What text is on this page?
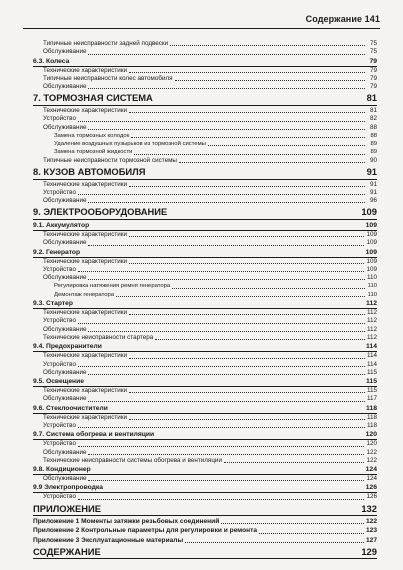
Содержание 141
Типичные неисправности задней подвески	75
Обслуживание	75
6.3. Колеса	79
Технические характеристики	79
Типичные неисправности колес автомобиля	79
Обслуживание	79
7. ТОРМОЗНАЯ СИСТЕМА	81
Технические характеристики	81
Устройство	82
Обслуживание	88
Замена тормозных колодок	88
Удаление воздушных пузырьков из тормозной системы	89
Замена тормозной жидкости	89
Типичные неисправности тормозной системы	90
8. КУЗОВ АВТОМОБИЛЯ	91
Технические характеристики	91
Устройство	91
Обслуживание	96
9. ЭЛЕКТРООБОРУДОВАНИЕ	109
9.1. Аккумулятор	109
Технические характеристики	109
Обслуживание	109
9.2. Генератор	109
Технические характеристики	109
Устройство	109
Обслуживание	110
Регулировка натяжения ремня генератора	110
Демонтаж генератора	110
9.3. Стартер	112
Технические характеристики	112
Устройство	112
Обслуживание	112
Технические неисправности стартера	112
9.4. Предохранители	114
Технические характеристики	114
Устройство	114
Обслуживание	115
9.5. Освещение	115
Технические характеристики	115
Обслуживание	117
9.6. Стеклоочистители	118
Технические характеристики	118
Устройство	118
9.7. Система обогрева и вентиляции	120
Устройство	120
Обслуживание	122
Технические неисправности системы обогрева и вентиляции	122
9.8. Кондиционер	124
Обслуживание	124
9.9 Электропроводка	126
Устройство	126
ПРИЛОЖЕНИЕ	132
Приложение 1 Моменты затяжки резьбовых соединений	122
Приложение 2 Контрольные параметры для регулировки и ремонта	123
Приложение 3 Эксплуатационные материалы	127
СОДЕРЖАНИЕ	129
